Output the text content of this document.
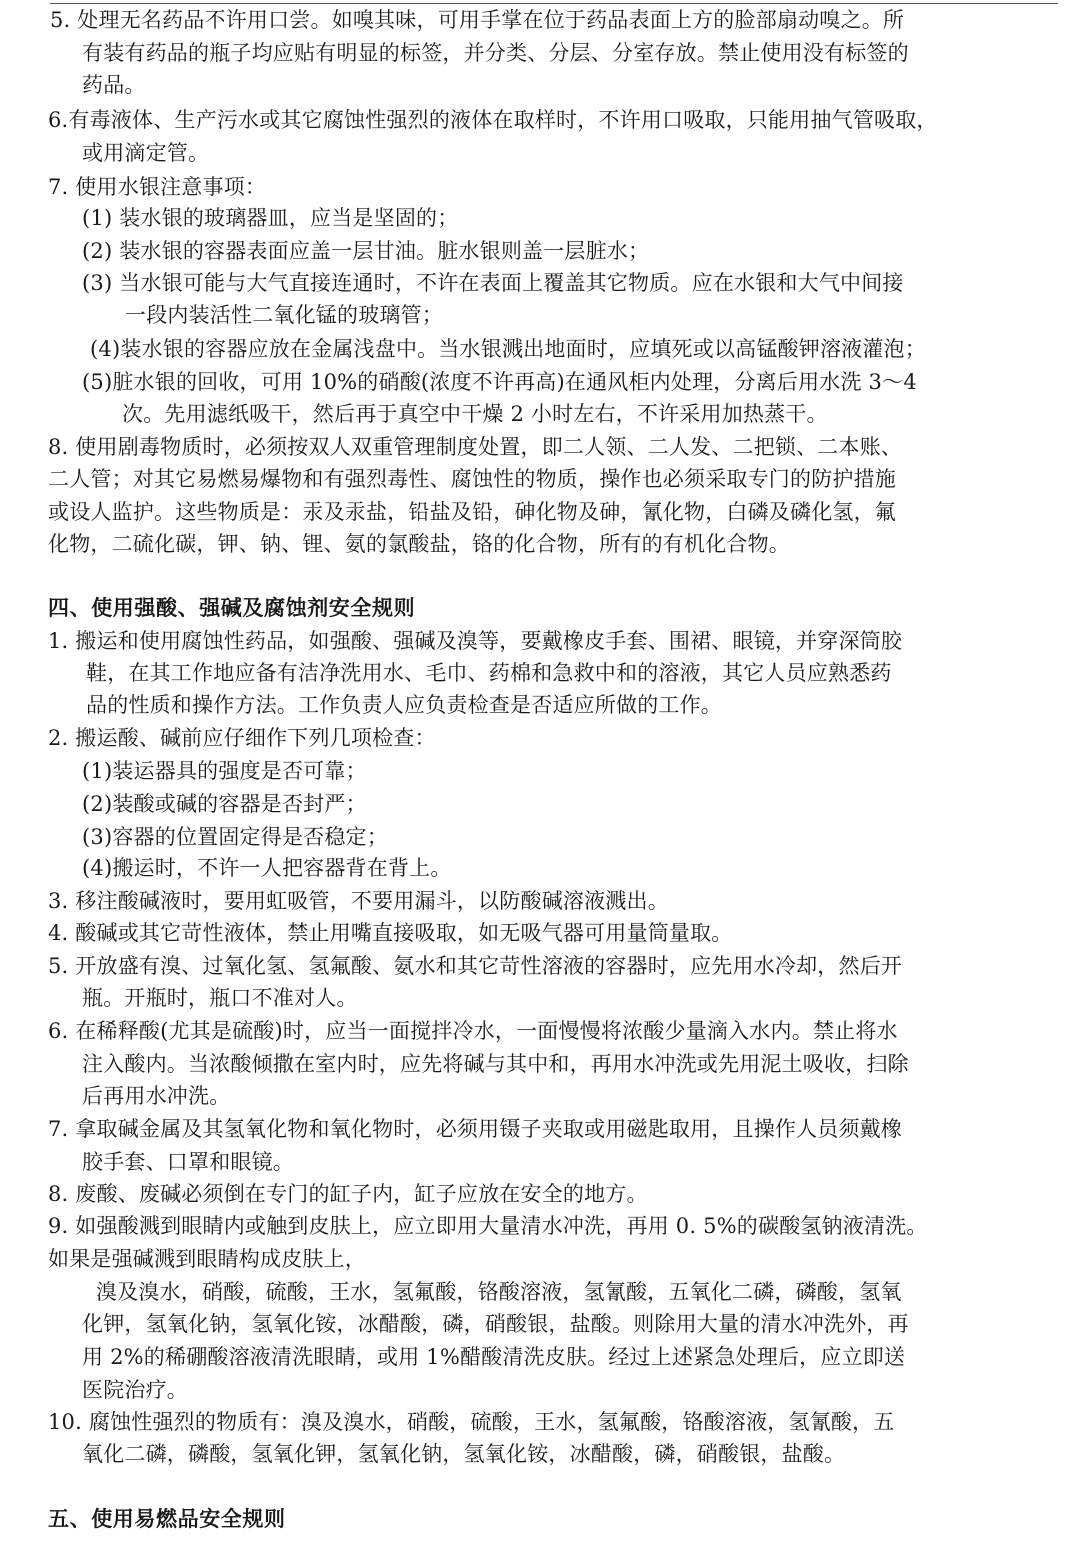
5. 处理无名药品不许用口尝。如嗅其味，可用手掌在位于药品表面上方的脸部扇动嗅之。所
有装有药品的瓶子均应贴有明显的标签，并分类、分层、分室存放。禁止使用没有标签的
药品。
6.有毒液体、生产污水或其它腐蚀性强烈的液体在取样时，不许用口吸取，只能用抽气管吸取，
或用滴定管。
7. 使用水银注意事项：
(1) 装水银的玻璃器皿，应当是坚固的；
(2) 装水银的容器表面应盖一层甘油。脏水银则盖一层脏水；
(3) 当水银可能与大气直接连通时，不许在表面上覆盖其它物质。应在水银和大气中间接
一段内装活性二氧化锰的玻璃管；
(4)装水银的容器应放在金属浅盘中。当水银溅出地面时，应填死或以高锰酸钾溶液灌泡；
(5)脏水银的回收，可用 10%的硝酸(浓度不许再高)在通风柜内处理，分离后用水洗 3～4
次。先用滤纸吸干，然后再于真空中干燥 2 小时左右，不许采用加热蒸干。
8. 使用剧毒物质时，必须按双人双重管理制度处置，即二人领、二人发、二把锁、二本账、
二人管；对其它易燃易爆物和有强烈毒性、腐蚀性的物质，操作也必须采取专门的防护措施
或设人监护。这些物质是：汞及汞盐，铅盐及铅，砷化物及砷，氰化物，白磷及磷化氢，氟
化物，二硫化碳，钾、钠、锂、氨的氯酸盐，铬的化合物，所有的有机化合物。
四、使用强酸、强碱及腐蚀剂安全规则
1. 搬运和使用腐蚀性药品，如强酸、强碱及溴等，要戴橡皮手套、围裙、眼镜，并穿深筒胶
鞋，在其工作地应备有洁净洗用水、毛巾、药棉和急救中和的溶液，其它人员应熟悉药
品的性质和操作方法。工作负责人应负责检查是否适应所做的工作。
2. 搬运酸、碱前应仔细作下列几项检查：
(1)装运器具的强度是否可靠；
(2)装酸或碱的容器是否封严；
(3)容器的位置固定得是否稳定；
(4)搬运时，不许一人把容器背在背上。
3. 移注酸碱液时，要用虹吸管，不要用漏斗，以防酸碱溶液溅出。
4. 酸碱或其它苛性液体，禁止用嘴直接吸取，如无吸气器可用量筒量取。
5. 开放盛有溴、过氧化氢、氢氟酸、氨水和其它苛性溶液的容器时，应先用水冷却，然后开
瓶。开瓶时，瓶口不准对人。
6. 在稀释酸(尤其是硫酸)时，应当一面搅拌冷水，一面慢慢将浓酸少量滴入水内。禁止将水
注入酸内。当浓酸倾撒在室内时，应先将碱与其中和，再用水冲洗或先用泥土吸收，扫除
后再用水冲洗。
7. 拿取碱金属及其氢氧化物和氧化物时，必须用镊子夹取或用磁匙取用，且操作人员须戴橡
胶手套、口罩和眼镜。
8. 废酸、废碱必须倒在专门的缸子内，缸子应放在安全的地方。
9. 如强酸溅到眼睛内或触到皮肤上，应立即用大量清水冲洗，再用 0. 5%的碳酸氢钠液清洗。
如果是强碱溅到眼睛构成皮肤上，
溴及溴水，硝酸，硫酸，王水，氢氟酸，铬酸溶液，氢氰酸，五氧化二磷，磷酸，氢氧
化钾，氢氧化钠，氢氧化铵，冰醋酸，磷，硝酸银，盐酸。则除用大量的清水冲洗外，再
用 2%的稀硼酸溶液清洗眼睛，或用 1%醋酸清洗皮肤。经过上述紧急处理后，应立即送
医院治疗。
10. 腐蚀性强烈的物质有：溴及溴水，硝酸，硫酸，王水，氢氟酸，铬酸溶液，氢氰酸，五
氧化二磷，磷酸，氢氧化钾，氢氧化钠，氢氧化铵，冰醋酸，磷，硝酸银，盐酸。
五、使用易燃品安全规则
